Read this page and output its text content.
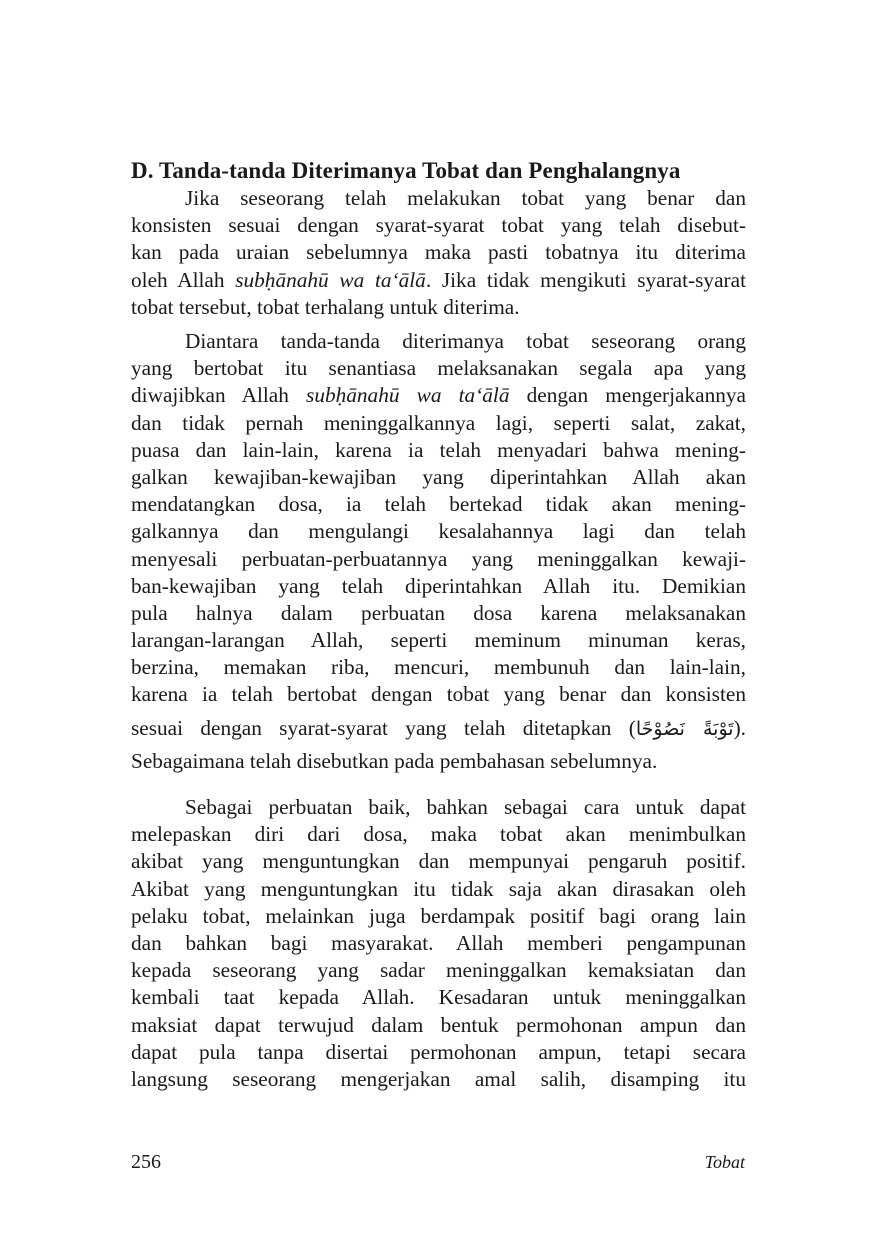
D. Tanda-tanda Diterimanya Tobat dan Penghalangnya
Jika seseorang telah melakukan tobat yang benar dan
konsisten sesuai dengan syarat-syarat tobat yang telah disebut-
kan pada uraian sebelumnya maka pasti tobatnya itu diterima
oleh Allah subḥānahū wa ta‘ālā. Jika tidak mengikuti syarat-syarat
tobat tersebut, tobat terhalang untuk diterima.
Diantara tanda-tanda diterimanya tobat seseorang orang
yang bertobat itu senantiasa melaksanakan segala apa yang
diwajibkan Allah subḥānahū wa ta‘ālā dengan mengerjakannya
dan tidak pernah meninggalkannya lagi, seperti salat, zakat,
puasa dan lain-lain, karena ia telah menyadari bahwa mening-
galkan kewajiban-kewajiban yang diperintahkan Allah akan
mendatangkan dosa, ia telah bertekad tidak akan mening-
galkannya dan mengulangi kesalahannya lagi dan telah
menyesali perbuatan-perbuatannya yang meninggalkan kewaji-
ban-kewajiban yang telah diperintahkan Allah itu. Demikian
pula halnya dalam perbuatan dosa karena melaksanakan
larangan-larangan Allah, seperti meminum minuman keras,
berzina, memakan riba, mencuri, membunuh dan lain-lain,
karena ia telah bertobat dengan tobat yang benar dan konsisten
sesuai dengan syarat-syarat yang telah ditetapkan (تَوْبَةً نَصُوْحًا).
Sebagaimana telah disebutkan pada pembahasan sebelumnya.
Sebagai perbuatan baik, bahkan sebagai cara untuk dapat
melepaskan diri dari dosa, maka tobat akan menimbulkan
akibat yang menguntungkan dan mempunyai pengaruh positif.
Akibat yang menguntungkan itu tidak saja akan dirasakan oleh
pelaku tobat, melainkan juga berdampak positif bagi orang lain
dan bahkan bagi masyarakat. Allah memberi pengampunan
kepada seseorang yang sadar meninggalkan kemaksiatan dan
kembali taat kepada Allah. Kesadaran untuk meninggalkan
maksiat dapat terwujud dalam bentuk permohonan ampun dan
dapat pula tanpa disertai permohonan ampun, tetapi secara
langsung seseorang mengerjakan amal salih, disamping itu
256	Tobat
